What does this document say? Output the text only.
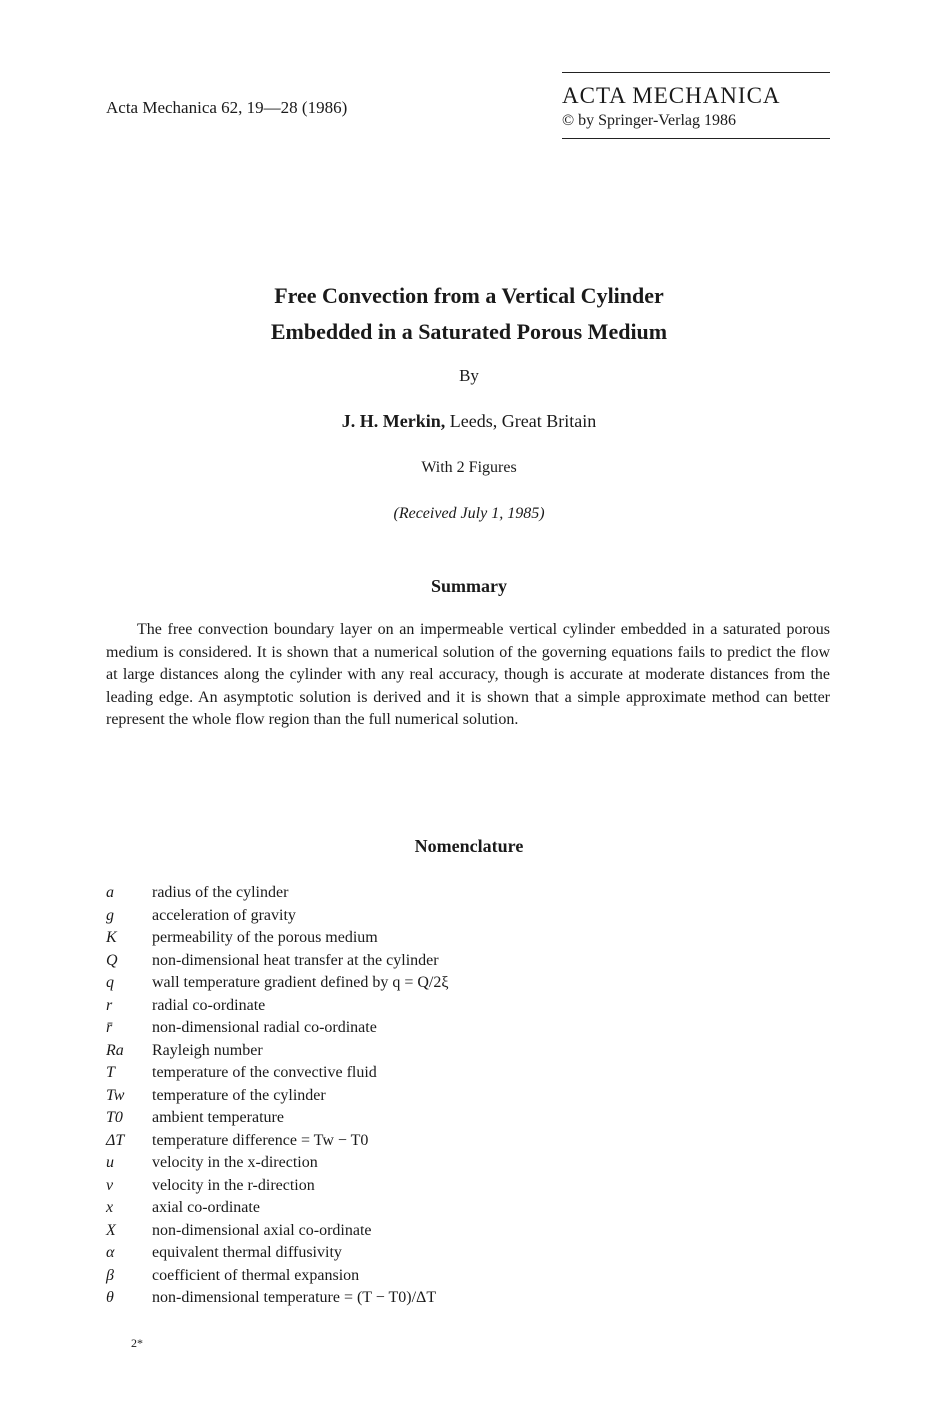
Acta Mechanica 62, 19—28 (1986)	ACTA MECHANICA
© by Springer-Verlag 1986
Free Convection from a Vertical Cylinder
Embedded in a Saturated Porous Medium
By
J. H. Merkin, Leeds, Great Britain
With 2 Figures
(Received July 1, 1985)
Summary
The free convection boundary layer on an impermeable vertical cylinder embedded in a saturated porous medium is considered. It is shown that a numerical solution of the governing equations fails to predict the flow at large distances along the cylinder with any real accuracy, though is accurate at moderate distances from the leading edge. An asymptotic solution is derived and it is shown that a simple approximate method can better represent the whole flow region than the full numerical solution.
Nomenclature
a radius of the cylinder
g acceleration of gravity
K permeability of the porous medium
Q non-dimensional heat transfer at the cylinder
q wall temperature gradient defined by q = Q/2ξ
r radial co-ordinate
r̄ non-dimensional radial co-ordinate
Ra Rayleigh number
T temperature of the convective fluid
Tw temperature of the cylinder
T0 ambient temperature
ΔT temperature difference = Tw − T0
u velocity in the x-direction
v velocity in the r-direction
x axial co-ordinate
X non-dimensional axial co-ordinate
α equivalent thermal diffusivity
β coefficient of thermal expansion
θ non-dimensional temperature = (T − T0)/ΔT
2*
